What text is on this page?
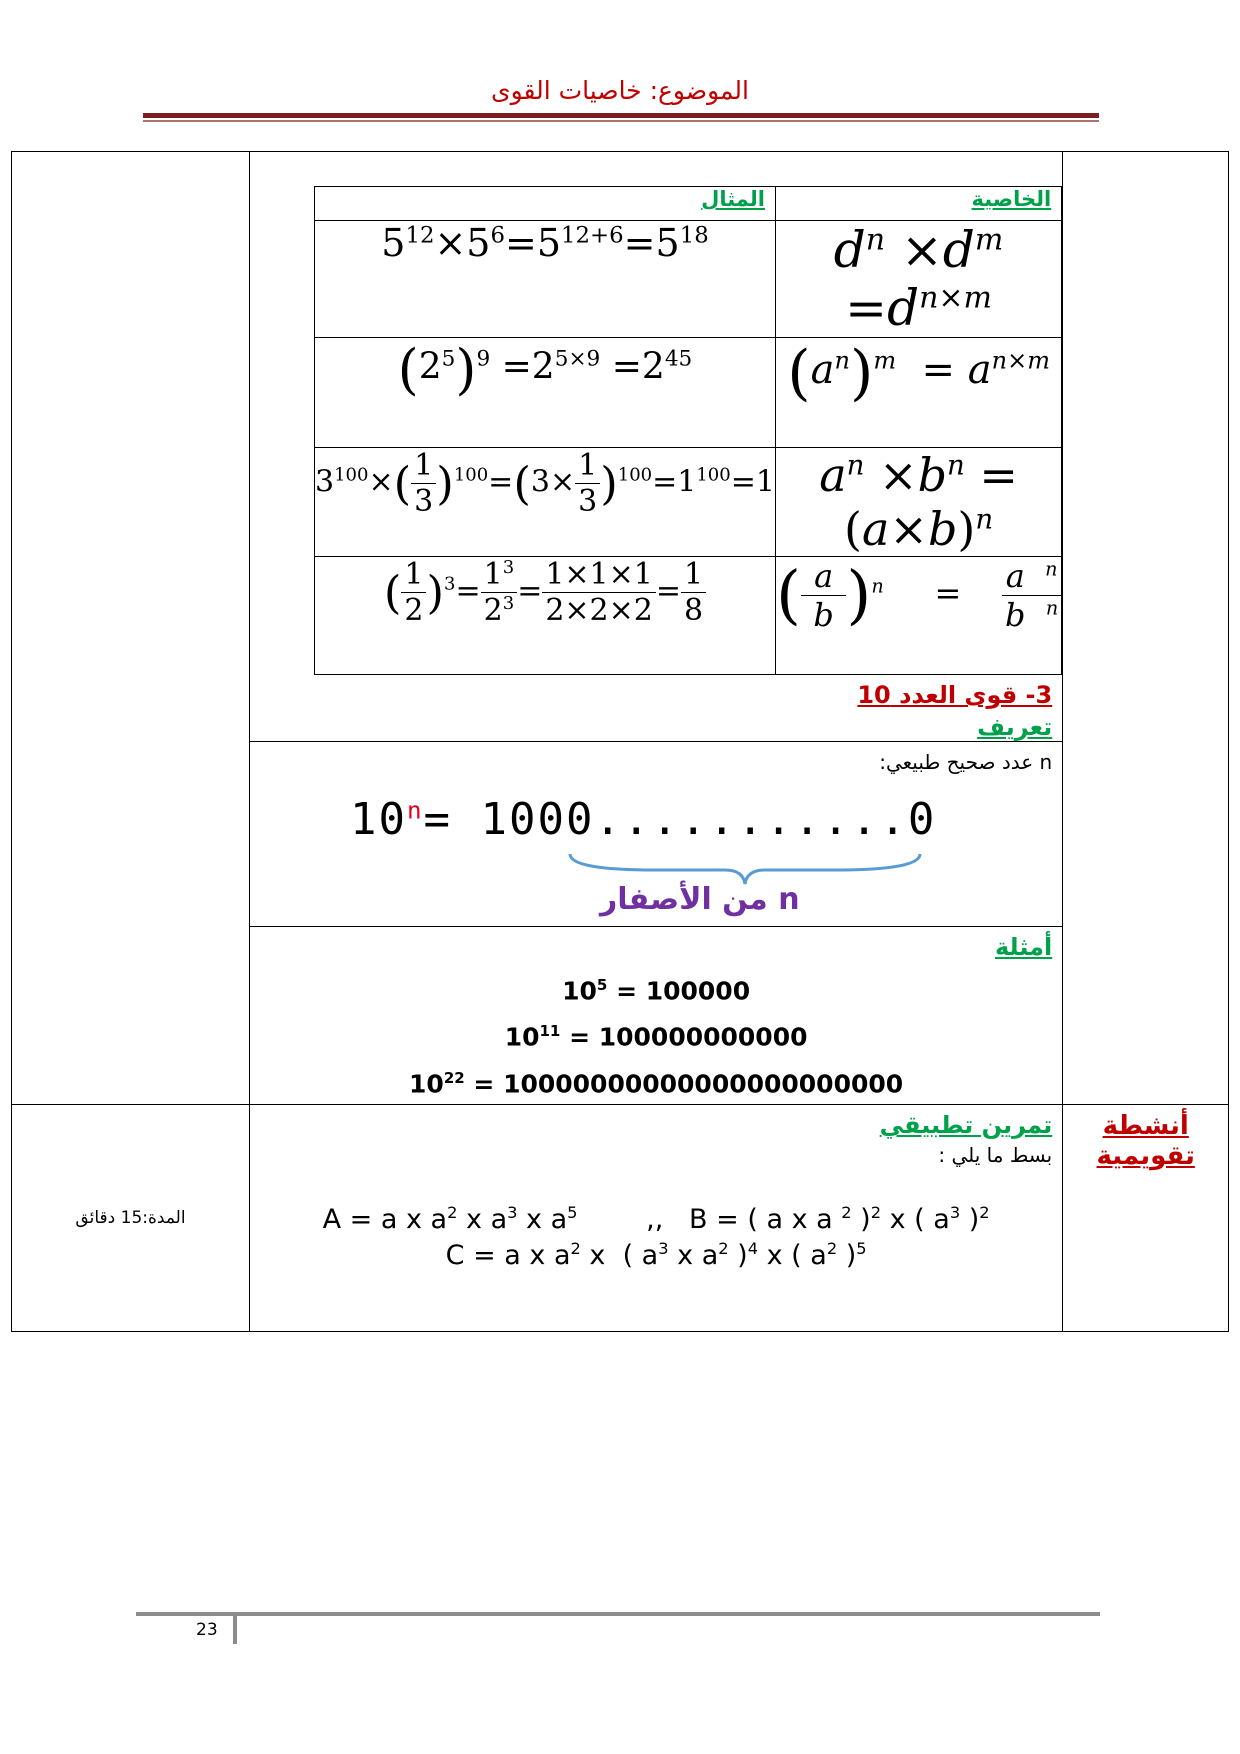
الموضوع: خاصيات القوى

المثال	الخاصية
$5^{12}\times 5^6=5^{12+6}=5^{18}$	$d^n \times d^m =d^{n\times m}$
$(2^5)^9 =2^{5\times 9} =2^{45}$	$(a^n)^m = a^{n\times m}$
$3^{100}\times( \frac{1}{3} )^{100}=(3\times \frac{1}{3} )^{100}=1^{100}=1$	$a^n \times b^n =(a\times b)^n$
( $\frac{1}{2} )^3= \frac{1^3}{2^3} = \frac{1\times 1\times 1}{2\times 2\times 2} = \frac{1}{8}$	( $\frac{a}{b} )^n$     = $\frac{a ^n}{b ^n}$
3- قوى العدد 10
تعريف

n عدد صحيح طبيعي:
$10^n= 1000...........0$
n من الأصفار

أمثلة
$10^5 = 100000$
$10^{11} = 100000000000$
$10^{22} = 10000000000000000000000$

المدة:15 دقائق

تمرين تطبيقي
بسط ما يلي :
A = a x $a^2$ x $a^3$ x $a^5$        ,,   B = ( a x a $^2$ )$^2$ x ( $a^3$ )$^2$
C = a x $a^2$ x  ( $a^3$ x $a^2$ )$^4$ x ( $a^2$ )$^5$

أنشطة
تقويمية
23
